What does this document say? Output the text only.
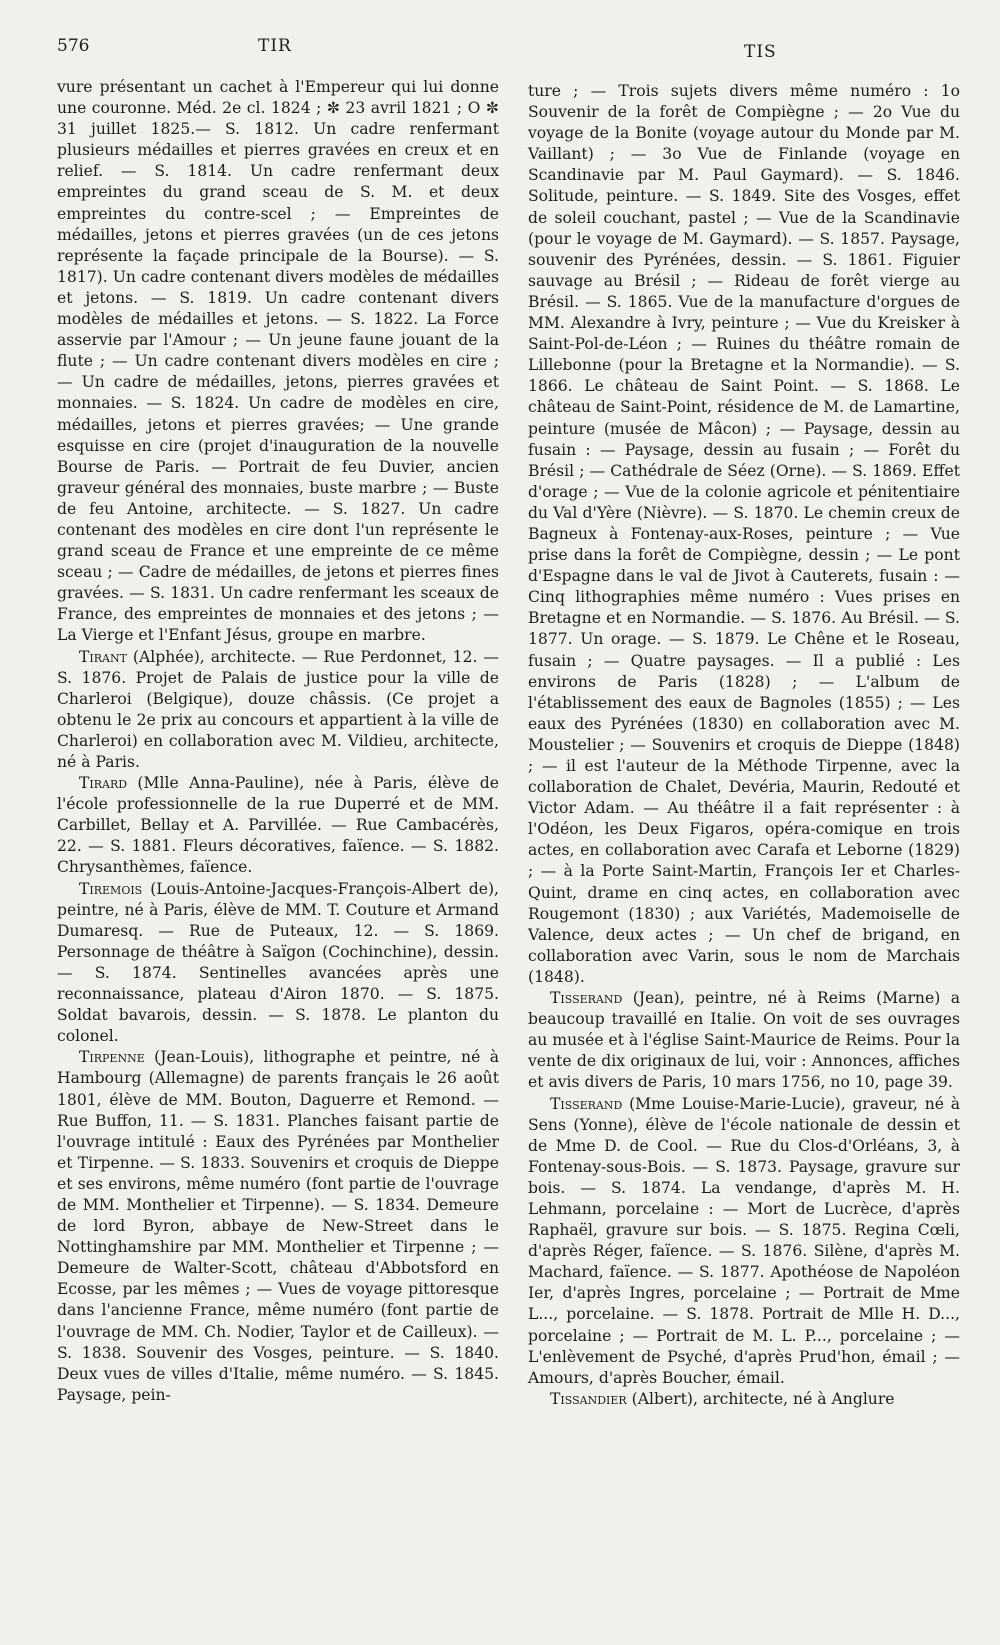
576	TIR	TIS

vure présentant un cachet à l'Empereur qui lui donne une couronne. Méd. 2e cl. 1824 ; ✼ 23 avril 1821 ; O ✼ 31 juillet 1825.— S. 1812. Un cadre renfermant plusieurs médailles et pierres gravées en creux et en relief. — S. 1814. Un cadre renfermant deux empreintes du grand sceau de S. M. et deux empreintes du contre-scel ; — Empreintes de médailles, jetons et pierres gravées (un de ces jetons représente la façade principale de la Bourse). — S. 1817). Un cadre contenant divers modèles de médailles et jetons. — S. 1819. Un cadre contenant divers modèles de médailles et jetons. — S. 1822. La Force asservie par l'Amour ; — Un jeune faune jouant de la flute ; — Un cadre contenant divers modèles en cire ; — Un cadre de médailles, jetons, pierres gravées et monnaies. — S. 1824. Un cadre de modèles en cire, médailles, jetons et pierres gravées; — Une grande esquisse en cire (projet d'inauguration de la nouvelle Bourse de Paris. — Portrait de feu Duvier, ancien graveur général des monnaies, buste marbre ; — Buste de feu Antoine, architecte. — S. 1827. Un cadre contenant des modèles en cire dont l'un représente le grand sceau de France et une empreinte de ce même sceau ; — Cadre de médailles, de jetons et pierres fines gravées. — S. 1831. Un cadre renfermant les sceaux de France, des empreintes de monnaies et des jetons ; — La Vierge et l'Enfant Jésus, groupe en marbre.

Tirant (Alphée), architecte. — Rue Perdonnet, 12. — S. 1876. Projet de Palais de justice pour la ville de Charleroi (Belgique), douze châssis. (Ce projet a obtenu le 2e prix au concours et appartient à la ville de Charleroi) en collaboration avec M. Vildieu, architecte, né à Paris.

Tirard (Mlle Anna-Pauline), née à Paris, élève de l'école professionnelle de la rue Duperré et de MM. Carbillet, Bellay et A. Parvillée. — Rue Cambacérès, 22. — S. 1881. Fleurs décoratives, faïence. — S. 1882. Chrysanthèmes, faïence.

Tiremois (Louis-Antoine-Jacques-François-Albert de), peintre, né à Paris, élève de MM. T. Couture et Armand Dumaresq. — Rue de Puteaux, 12. — S. 1869. Personnage de théâtre à Saïgon (Cochinchine), dessin. — S. 1874. Sentinelles avancées après une reconnaissance, plateau d'Airon 1870. — S. 1875. Soldat bavarois, dessin. — S. 1878. Le planton du colonel.

Tirpenne (Jean-Louis), lithographe et peintre, né à Hambourg (Allemagne) de parents français le 26 août 1801, élève de MM. Bouton, Daguerre et Remond. — Rue Buffon, 11. — S. 1831. Planches faisant partie de l'ouvrage intitulé : Eaux des Pyrénées par Monthelier et Tirpenne. — S. 1833. Souvenirs et croquis de Dieppe et ses environs, même numéro (font partie de l'ouvrage de MM. Monthelier et Tirpenne). — S. 1834. Demeure de lord Byron, abbaye de New-Street dans le Nottinghamshire par MM. Monthelier et Tirpenne ; — Demeure de Walter-Scott, château d'Abbotsford en Ecosse, par les mêmes ; — Vues de voyage pittoresque dans l'ancienne France, même numéro (font partie de l'ouvrage de MM. Ch. Nodier, Taylor et de Cailleux). — S. 1838. Souvenir des Vosges, peinture. — S. 1840. Deux vues de villes d'Italie, même numéro. — S. 1845. Paysage, pein-

ture ; — Trois sujets divers même numéro : 1o Souvenir de la forêt de Compiègne ; — 2o Vue du voyage de la Bonite (voyage autour du Monde par M. Vaillant) ; — 3o Vue de Finlande (voyage en Scandinavie par M. Paul Gaymard). — S. 1846. Solitude, peinture. — S. 1849. Site des Vosges, effet de soleil couchant, pastel ; — Vue de la Scandinavie (pour le voyage de M. Gaymard). — S. 1857. Paysage, souvenir des Pyrénées, dessin. — S. 1861. Figuier sauvage au Brésil ; — Rideau de forêt vierge au Brésil. — S. 1865. Vue de la manufacture d'orgues de MM. Alexandre à Ivry, peinture ; — Vue du Kreisker à Saint-Pol-de-Léon ; — Ruines du théâtre romain de Lillebonne (pour la Bretagne et la Normandie). — S. 1866. Le château de Saint Point. — S. 1868. Le château de Saint-Point, résidence de M. de Lamartine, peinture (musée de Mâcon) ; — Paysage, dessin au fusain : — Paysage, dessin au fusain ; — Forêt du Brésil ; — Cathédrale de Séez (Orne). — S. 1869. Effet d'orage ; — Vue de la colonie agricole et pénitentiaire du Val d'Yère (Nièvre). — S. 1870. Le chemin creux de Bagneux à Fontenay-aux-Roses, peinture ; — Vue prise dans la forêt de Compiègne, dessin ; — Le pont d'Espagne dans le val de Jivot à Cauterets, fusain : — Cinq lithographies même numéro : Vues prises en Bretagne et en Normandie. — S. 1876. Au Brésil. — S. 1877. Un orage. — S. 1879. Le Chêne et le Roseau, fusain ; — Quatre paysages. — Il a publié : Les environs de Paris (1828) ; — L'album de l'établissement des eaux de Bagnoles (1855) ; — Les eaux des Pyrénées (1830) en collaboration avec M. Moustelier ; — Souvenirs et croquis de Dieppe (1848) ; — il est l'auteur de la Méthode Tirpenne, avec la collaboration de Chalet, Devéria, Maurin, Redouté et Victor Adam. — Au théâtre il a fait représenter : à l'Odéon, les Deux Figaros, opéra-comique en trois actes, en collaboration avec Carafa et Leborne (1829) ; — à la Porte Saint-Martin, François Ier et Charles-Quint, drame en cinq actes, en collaboration avec Rougemont (1830) ; aux Variétés, Mademoiselle de Valence, deux actes ; — Un chef de brigand, en collaboration avec Varin, sous le nom de Marchais (1848).

Tisserand (Jean), peintre, né à Reims (Marne) a beaucoup travaillé en Italie. On voit de ses ouvrages au musée et à l'église Saint-Maurice de Reims. Pour la vente de dix originaux de lui, voir : Annonces, affiches et avis divers de Paris, 10 mars 1756, no 10, page 39.

Tisserand (Mme Louise-Marie-Lucie), graveur, né à Sens (Yonne), élève de l'école nationale de dessin et de Mme D. de Cool. — Rue du Clos-d'Orléans, 3, à Fontenay-sous-Bois. — S. 1873. Paysage, gravure sur bois. — S. 1874. La vendange, d'après M. H. Lehmann, porcelaine : — Mort de Lucrèce, d'après Raphaël, gravure sur bois. — S. 1875. Regina Cœli, d'après Réger, faïence. — S. 1876. Silène, d'après M. Machard, faïence. — S. 1877. Apothéose de Napoléon Ier, d'après Ingres, porcelaine ; — Portrait de Mme L..., porcelaine. — S. 1878. Portrait de Mlle H. D..., porcelaine ; — Portrait de M. L. P..., porcelaine ; — L'enlèvement de Psyché, d'après Prud'hon, émail ; — Amours, d'après Boucher, émail.

Tissandier (Albert), architecte, né à Anglure
